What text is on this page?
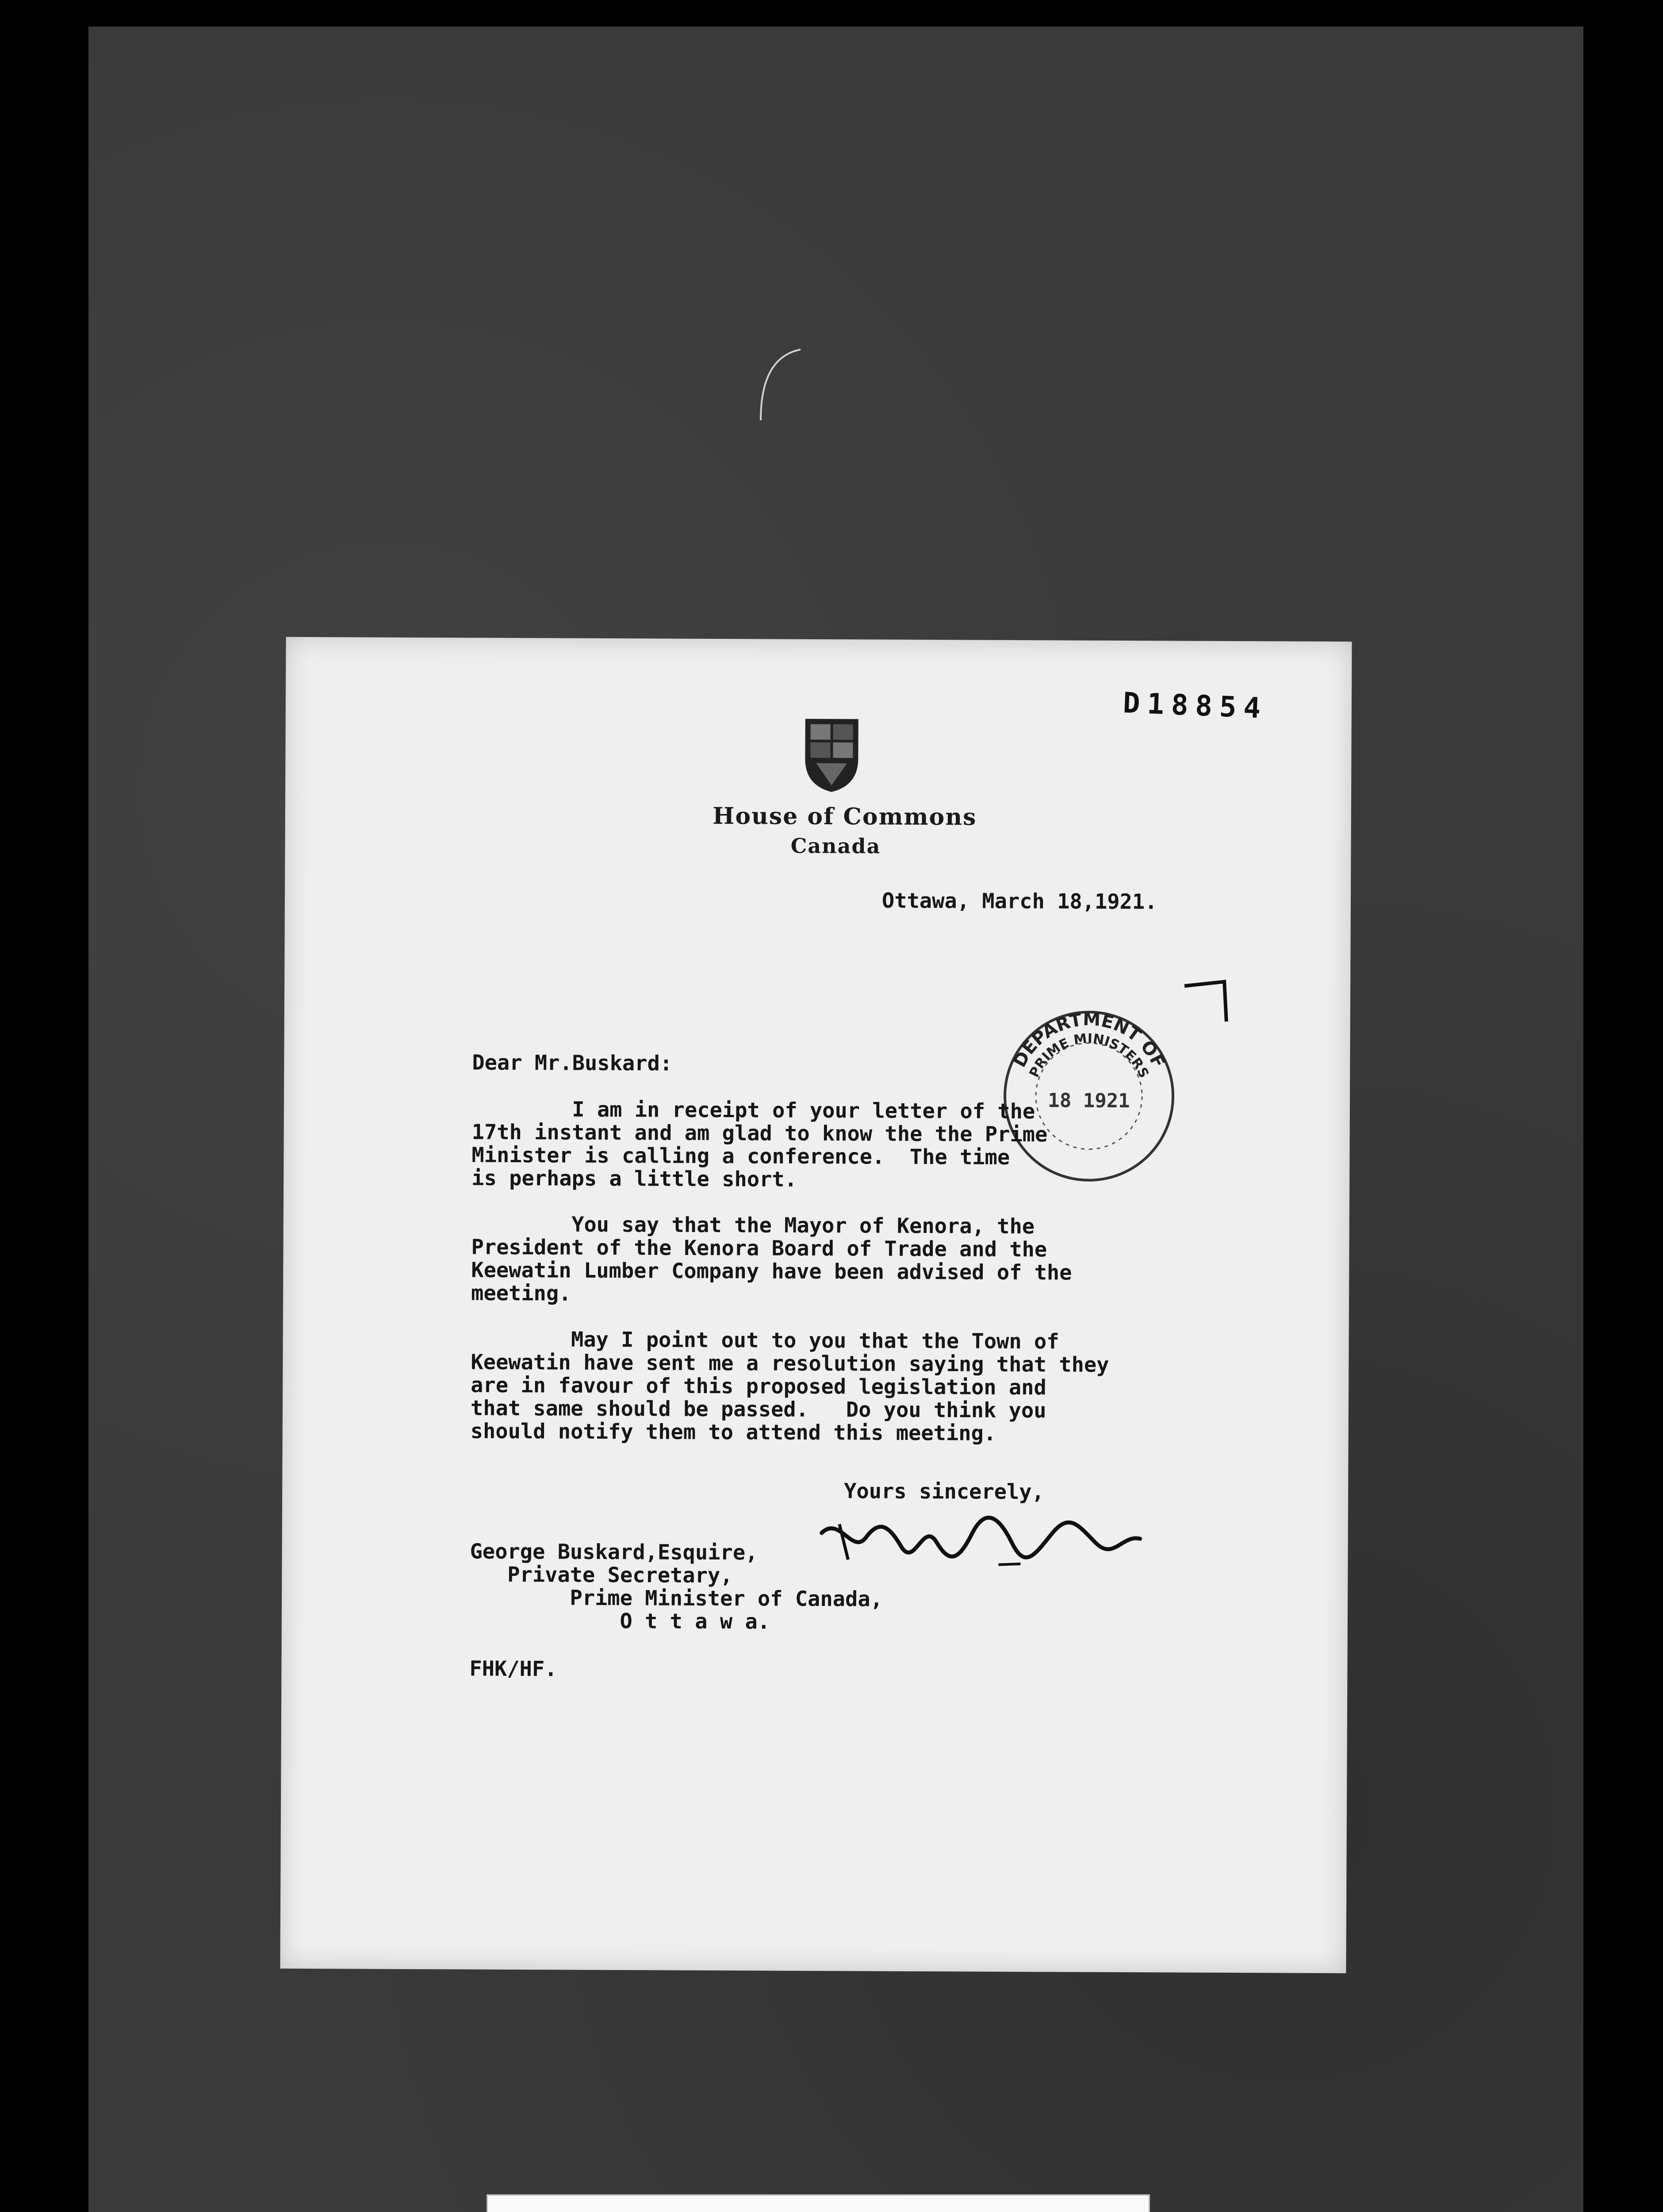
D18854
House of Commons
Canada
Ottawa, March 18,1921.
DEPARTMENT OF
PRIME MINISTERS
18 1921
Dear Mr.Buskard:
I am in receipt of your letter of the
17th instant and am glad to know the the Prime
Minister is calling a conference.  The time
is perhaps a little short.
You say that the Mayor of Kenora, the
President of the Kenora Board of Trade and the
Keewatin Lumber Company have been advised of the
meeting.
May I point out to you that the Town of
Keewatin have sent me a resolution saying that they
are in favour of this proposed legislation and
that same should be passed.   Do you think you
should notify them to attend this meeting.
Yours sincerely,
George Buskard,Esquire,
Private Secretary,
Prime Minister of Canada,
O t t a w a.
FHK/HF.
